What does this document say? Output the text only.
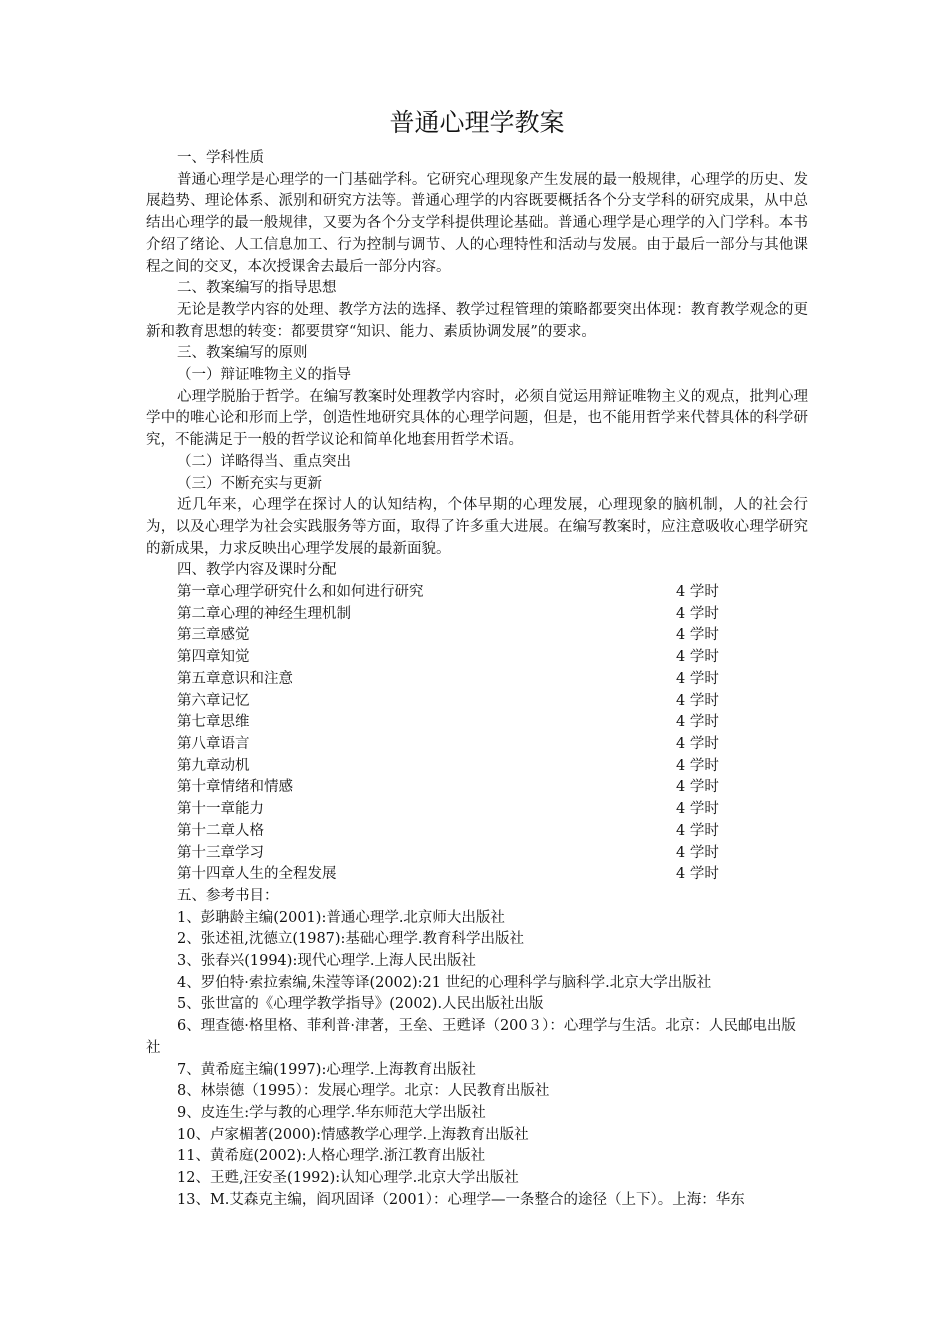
普通心理学教案
一、学科性质

普通心理学是心理学的一门基础学科。它研究心理现象产生发展的最一般规律，心理学的历史、发展趋势、理论体系、派别和研究方法等。普通心理学的内容既要概括各个分支学科的研究成果，从中总结出心理学的最一般规律，又要为各个分支学科提供理论基础。普通心理学是心理学的入门学科。本书介绍了绪论、人工信息加工、行为控制与调节、人的心理特性和活动与发展。由于最后一部分与其他课程之间的交叉，本次授课舍去最后一部分内容。

二、教案编写的指导思想

无论是教学内容的处理、教学方法的选择、教学过程管理的策略都要突出体现：教育教学观念的更新和教育思想的转变：都要贯穿“知识、能力、素质协调发展”的要求。

三、教案编写的原则
（一）辩证唯物主义的指导

心理学脱胎于哲学。在编写教案时处理教学内容时，必须自觉运用辩证唯物主义的观点，批判心理学中的唯心论和形而上学，创造性地研究具体的心理学问题，但是，也不能用哲学来代替具体的科学研究，不能满足于一般的哲学议论和简单化地套用哲学术语。

（二）详略得当、重点突出
（三）不断充实与更新

近几年来，心理学在探讨人的认知结构，个体早期的心理发展，心理现象的脑机制，人的社会行为，以及心理学为社会实践服务等方面，取得了许多重大进展。在编写教案时，应注意吸收心理学研究的新成果，力求反映出心理学发展的最新面貌。

四、教学内容及课时分配
第一章心理学研究什么和如何进行研究	4 学时
第二章心理的神经生理机制	4 学时
第三章感觉	4 学时
第四章知觉	4 学时
第五章意识和注意	4 学时
第六章记忆	4 学时
第七章思维	4 学时
第八章语言	4 学时
第九章动机	4 学时
第十章情绪和情感	4 学时
第十一章能力	4 学时
第十二章人格	4 学时
第十三章学习	4 学时
第十四章人生的全程发展	4 学时
五、参考书目：
1、彭聃龄主编(2001):普通心理学.北京师大出版社
2、张述祖,沈德立(1987):基础心理学.教育科学出版社
3、张春兴(1994):现代心理学.上海人民出版社
4、罗伯特·索拉索编,朱滢等译(2002):21 世纪的心理科学与脑科学.北京大学出版社
5、张世富的《心理学教学指导》(2002).人民出版社出版
6、理查德·格里格、菲利普·津著，王垒、王甦译（200３）：心理学与生活。北京：人民邮电出版社
7、黄希庭主编(1997):心理学.上海教育出版社
8、林崇德（1995）：发展心理学。北京：人民教育出版社
9、皮连生:学与教的心理学.华东师范大学出版社
10、卢家楣著(2000):情感教学心理学.上海教育出版社
11、黄希庭(2002):人格心理学.浙江教育出版社
12、王甦,汪安圣(1992):认知心理学.北京大学出版社
13、M.艾森克主编，阎巩固译（2001）：心理学—一条整合的途径（上下）。上海：华东
